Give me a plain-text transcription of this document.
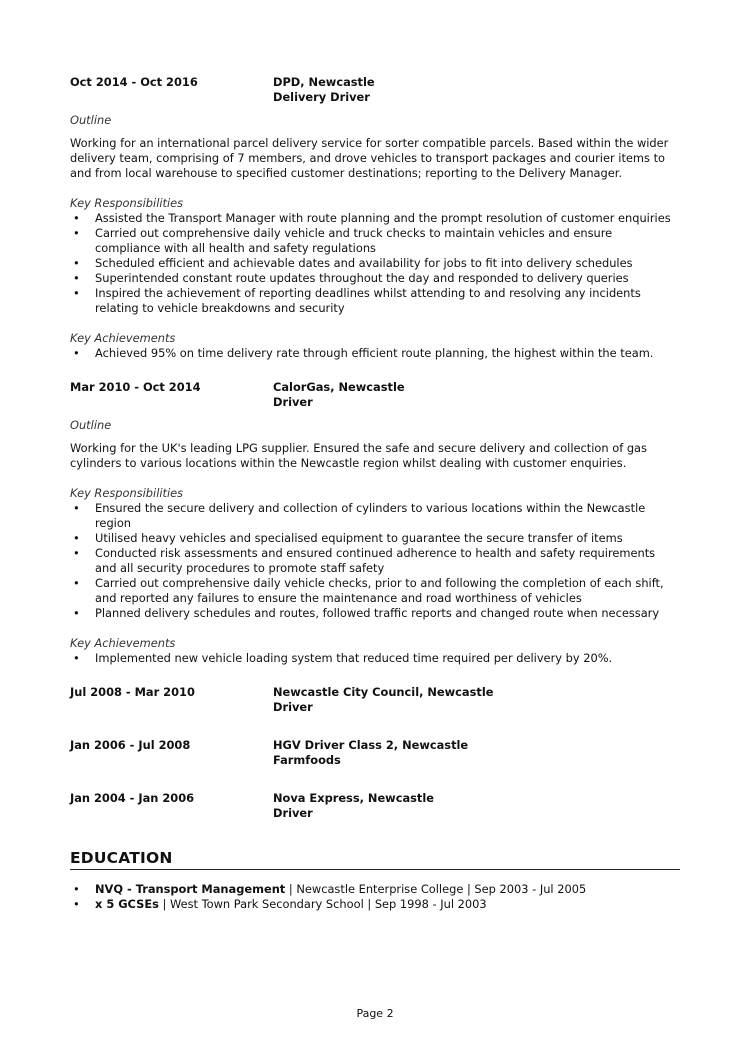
Oct 2014 - Oct 2016	DPD, Newcastle
Delivery Driver
Outline

Working for an international parcel delivery service for sorter compatible parcels. Based within the wider delivery team, comprising of 7 members, and drove vehicles to transport packages and courier items to and from local warehouse to specified customer destinations; reporting to the Delivery Manager.

Key Responsibilities
• Assisted the Transport Manager with route planning and the prompt resolution of customer enquiries
• Carried out comprehensive daily vehicle and truck checks to maintain vehicles and ensure compliance with all health and safety regulations
• Scheduled efficient and achievable dates and availability for jobs to fit into delivery schedules
• Superintended constant route updates throughout the day and responded to delivery queries
• Inspired the achievement of reporting deadlines whilst attending to and resolving any incidents relating to vehicle breakdowns and security
Key Achievements
• Achieved 95% on time delivery rate through efficient route planning, the highest within the team.
Mar 2010 - Oct 2014	CalorGas, Newcastle
Driver
Outline

Working for the UK's leading LPG supplier. Ensured the safe and secure delivery and collection of gas cylinders to various locations within the Newcastle region whilst dealing with customer enquiries.

Key Responsibilities
• Ensured the secure delivery and collection of cylinders to various locations within the Newcastle region
• Utilised heavy vehicles and specialised equipment to guarantee the secure transfer of items
• Conducted risk assessments and ensured continued adherence to health and safety requirements and all security procedures to promote staff safety
• Carried out comprehensive daily vehicle checks, prior to and following the completion of each shift, and reported any failures to ensure the maintenance and road worthiness of vehicles
• Planned delivery schedules and routes, followed traffic reports and changed route when necessary
Key Achievements
• Implemented new vehicle loading system that reduced time required per delivery by 20%.
Jul 2008 - Mar 2010	Newcastle City Council, Newcastle
Driver
Jan 2006 - Jul 2008	HGV Driver Class 2, Newcastle
Farmfoods
Jan 2004 - Jan 2006	Nova Express, Newcastle
Driver
EDUCATION
• NVQ - Transport Management | Newcastle Enterprise College | Sep 2003 - Jul 2005
• x 5 GCSEs | West Town Park Secondary School | Sep 1998 - Jul 2003
Page 2
